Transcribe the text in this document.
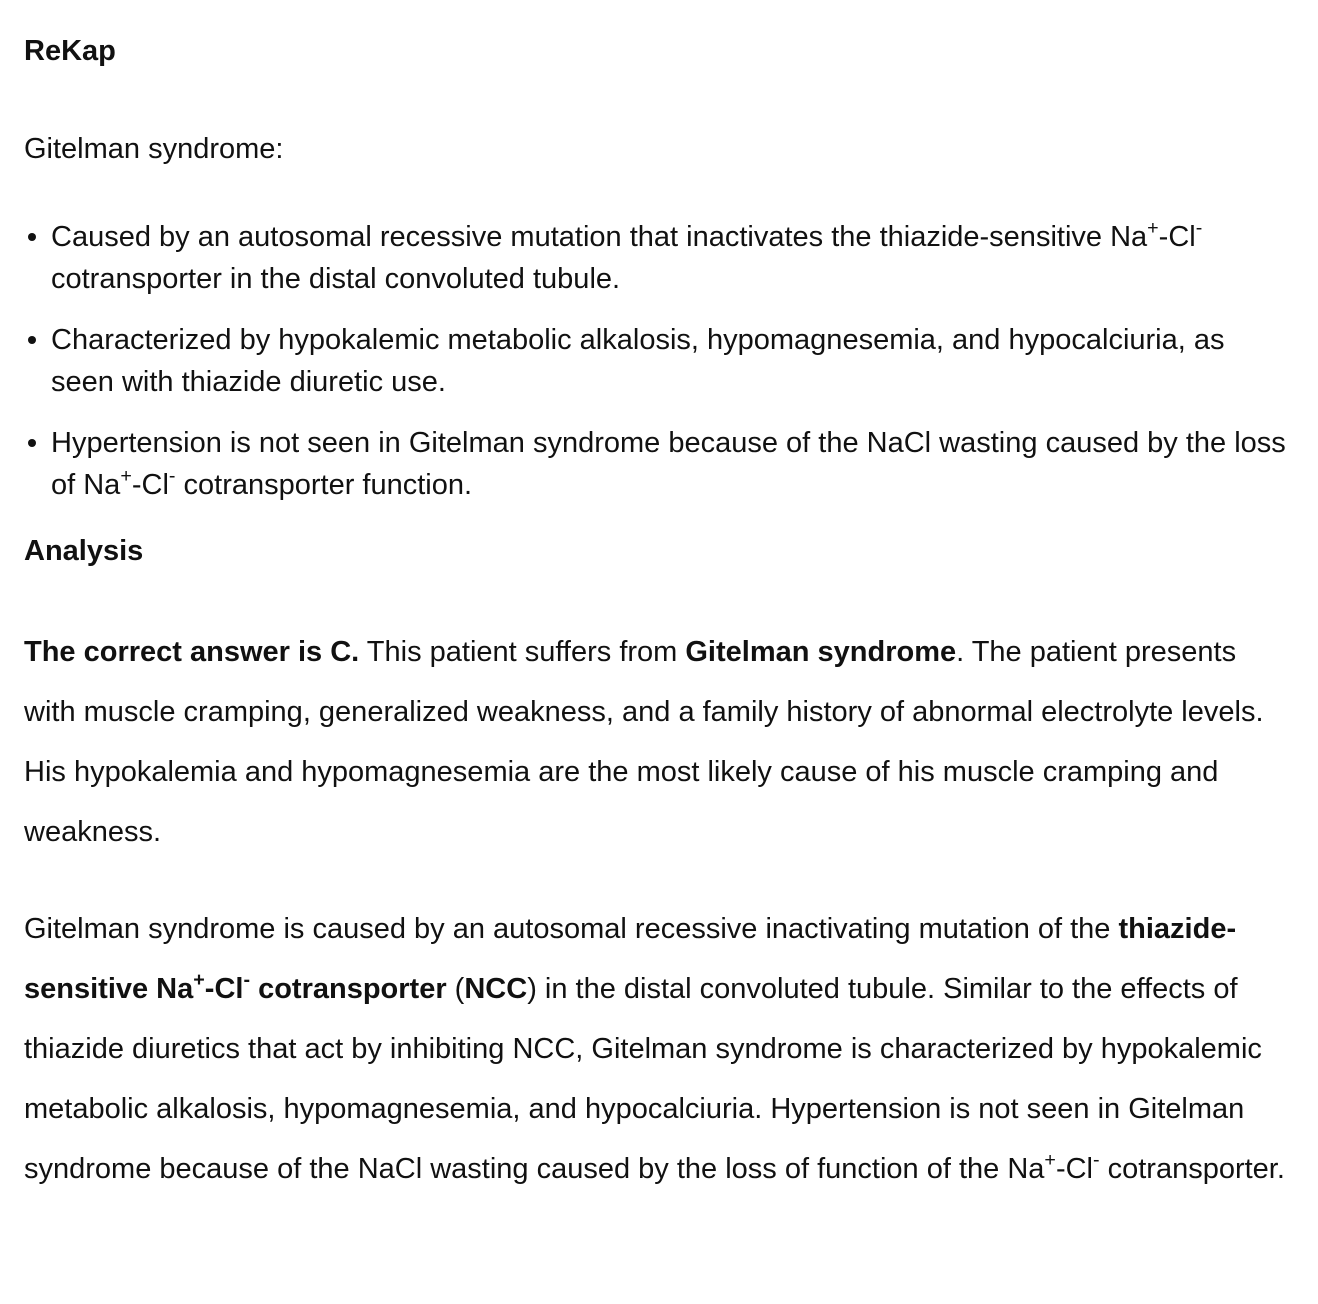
ReKap

Gitelman syndrome:

Caused by an autosomal recessive mutation that inactivates the thiazide-sensitive Na+-Cl- cotransporter in the distal convoluted tubule.
Characterized by hypokalemic metabolic alkalosis, hypomagnesemia, and hypocalciuria, as seen with thiazide diuretic use.
Hypertension is not seen in Gitelman syndrome because of the NaCl wasting caused by the loss of Na+-Cl- cotransporter function.
Analysis

The correct answer is C. This patient suffers from Gitelman syndrome. The patient presents with muscle cramping, generalized weakness, and a family history of abnormal electrolyte levels. His hypokalemia and hypomagnesemia are the most likely cause of his muscle cramping and weakness.

Gitelman syndrome is caused by an autosomal recessive inactivating mutation of the thiazide-sensitive Na+-Cl- cotransporter (NCC) in the distal convoluted tubule. Similar to the effects of thiazide diuretics that act by inhibiting NCC, Gitelman syndrome is characterized by hypokalemic metabolic alkalosis, hypomagnesemia, and hypocalciuria. Hypertension is not seen in Gitelman syndrome because of the NaCl wasting caused by the loss of function of the Na+-Cl- cotransporter.
